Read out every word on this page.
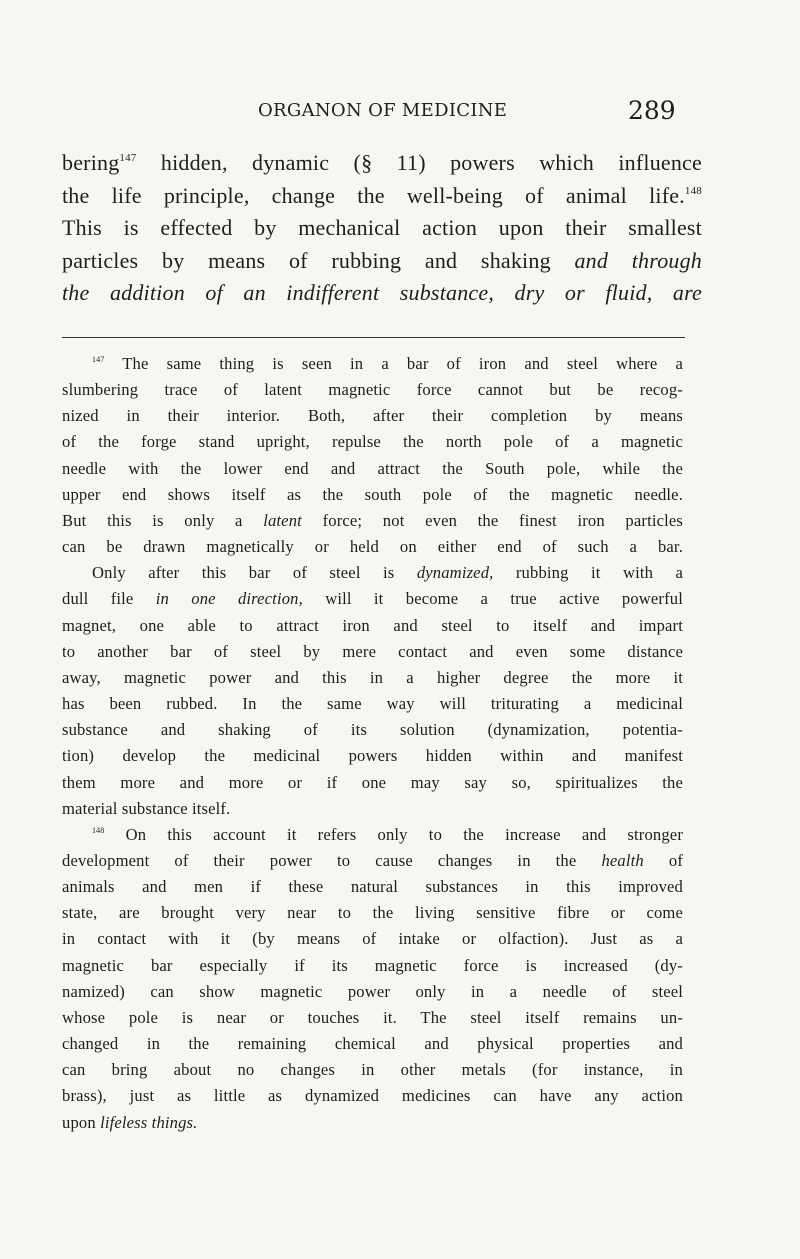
ORGANON OF MEDICINE	289
bering$^{147}$ hidden, dynamic (§ 11) powers which influence
the life principle, change the well-being of animal life.$^{148}$
This is effected by mechanical action upon their smallest
particles by means of rubbing and shaking and through
the addition of an indifferent substance, dry or fluid, are
$^{147}$ The same thing is seen in a bar of iron and steel where a
slumbering trace of latent magnetic force cannot but be recog-
nized in their interior. Both, after their completion by means
of the forge stand upright, repulse the north pole of a magnetic
needle with the lower end and attract the South pole, while the
upper end shows itself as the south pole of the magnetic needle.
But this is only a latent force; not even the finest iron particles
can be drawn magnetically or held on either end of such a bar.
Only after this bar of steel is dynamized, rubbing it with a
dull file in one direction, will it become a true active powerful
magnet, one able to attract iron and steel to itself and impart
to another bar of steel by mere contact and even some distance
away, magnetic power and this in a higher degree the more it
has been rubbed. In the same way will triturating a medicinal
substance and shaking of its solution (dynamization, potentia-
tion) develop the medicinal powers hidden within and manifest
them more and more or if one may say so, spiritualizes the
material substance itself.
$^{148}$ On this account it refers only to the increase and stronger
development of their power to cause changes in the health of
animals and men if these natural substances in this improved
state, are brought very near to the living sensitive fibre or come
in contact with it (by means of intake or olfaction). Just as a
magnetic bar especially if its magnetic force is increased (dy-
namized) can show magnetic power only in a needle of steel
whose pole is near or touches it. The steel itself remains un-
changed in the remaining chemical and physical properties and
can bring about no changes in other metals (for instance, in
brass), just as little as dynamized medicines can have any action
upon lifeless things.
